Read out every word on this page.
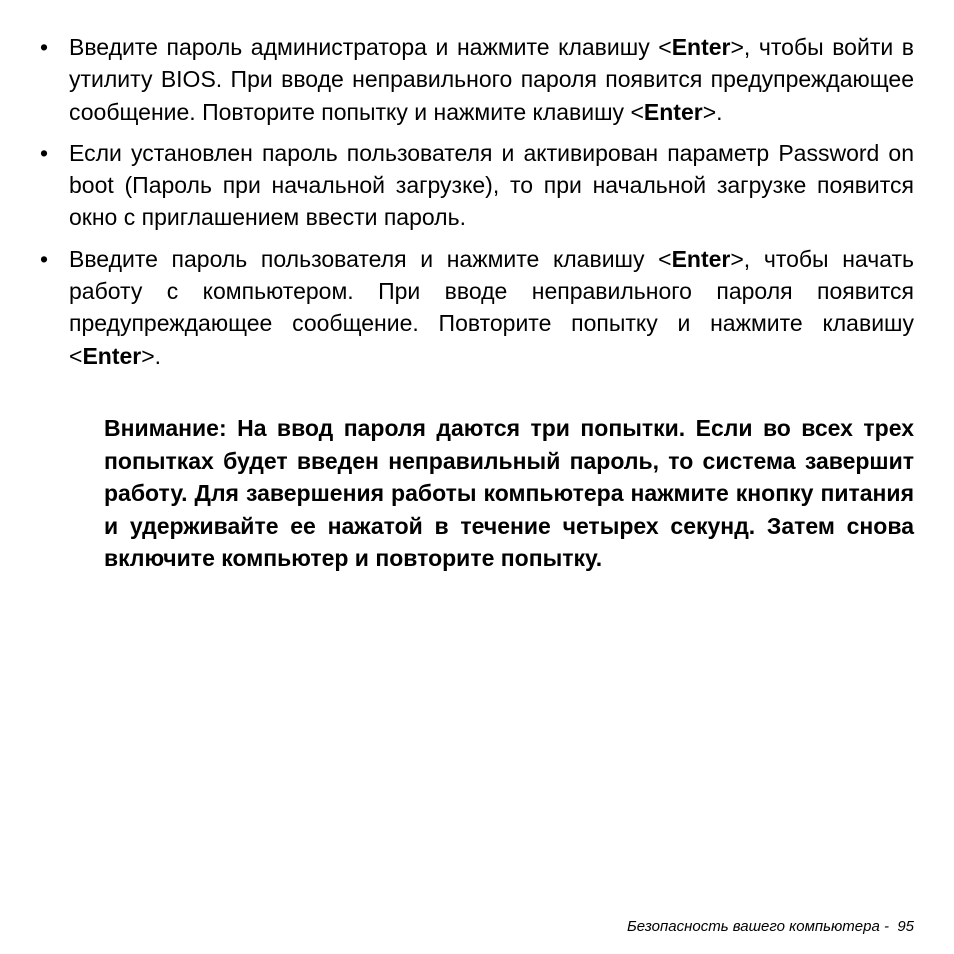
• Введите пароль администратора и нажмите клавишу <Enter>, чтобы войти в утилиту BIOS. При вводе неправильного пароля появится предупреждающее сообщение. Повторите попытку и нажмите клавишу <Enter>.
• Если установлен пароль пользователя и активирован параметр Password on boot (Пароль при начальной загрузке), то при начальной загрузке появится окно с приглашением ввести пароль.
• Введите пароль пользователя и нажмите клавишу <Enter>, чтобы начать работу с компьютером. При вводе неправильного пароля появится предупреждающее сообщение. Повторите попытку и нажмите клавишу <Enter>.

Внимание: На ввод пароля даются три попытки. Если во всех трех попытках будет введен неправильный пароль, то система завершит работу. Для завершения работы компьютера нажмите кнопку питания и удерживайте ее нажатой в течение четырех секунд. Затем снова включите компьютер и повторите попытку.

Безопасность вашего компьютера - 95
